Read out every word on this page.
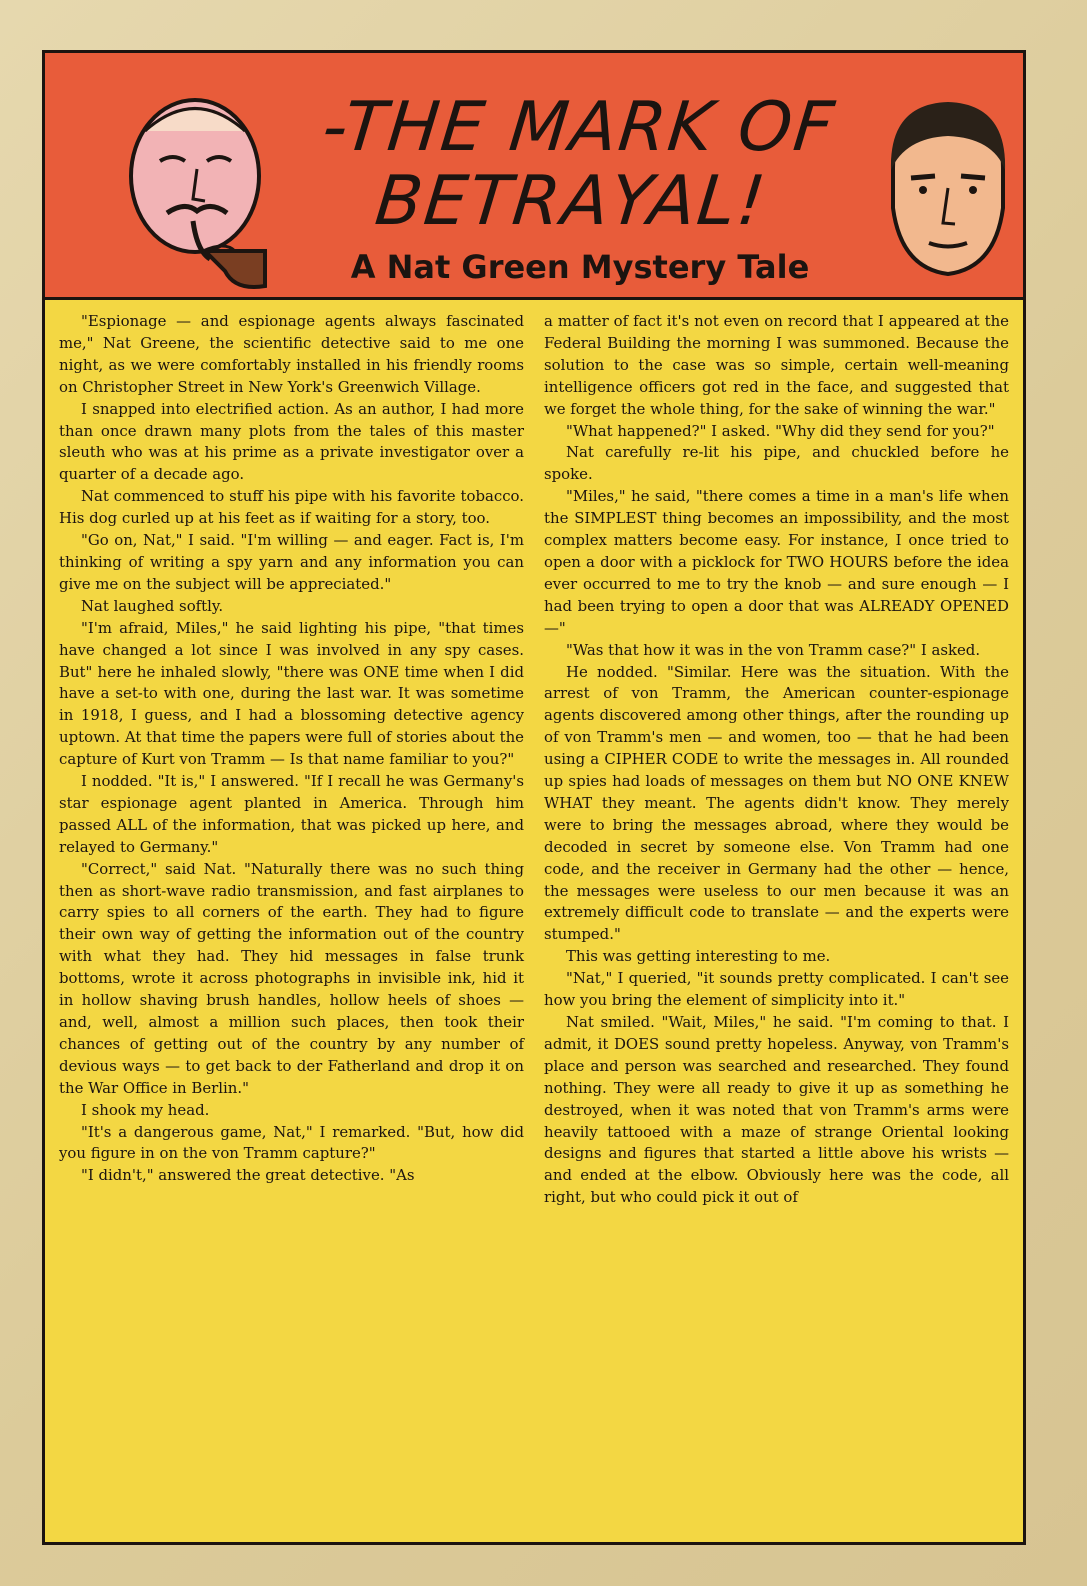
-THE MARK OF
BETRAYAL!
A Nat Green Mystery Tale

"Espionage — and espionage agents always fascinated me," Nat Greene, the scientific detective said to me one night, as we were comfortably installed in his friendly rooms on Christopher Street in New York's Greenwich Village.

I snapped into electrified action. As an author, I had more than once drawn many plots from the tales of this master sleuth who was at his prime as a private investigator over a quarter of a decade ago.

Nat commenced to stuff his pipe with his favorite tobacco. His dog curled up at his feet as if waiting for a story, too.

"Go on, Nat," I said. "I'm willing — and eager. Fact is, I'm thinking of writing a spy yarn and any information you can give me on the subject will be appreciated."

Nat laughed softly.

"I'm afraid, Miles," he said lighting his pipe, "that times have changed a lot since I was involved in any spy cases. But" here he inhaled slowly, "there was ONE time when I did have a set-to with one, during the last war. It was sometime in 1918, I guess, and I had a blossoming detective agency uptown. At that time the papers were full of stories about the capture of Kurt von Tramm — Is that name familiar to you?"

I nodded. "It is," I answered. "If I recall he was Germany's star espionage agent planted in America. Through him passed ALL of the information, that was picked up here, and relayed to Germany."

"Correct," said Nat. "Naturally there was no such thing then as short-wave radio transmission, and fast airplanes to carry spies to all corners of the earth. They had to figure their own way of getting the information out of the country with what they had. They hid messages in false trunk bottoms, wrote it across photographs in invisible ink, hid it in hollow shaving brush handles, hollow heels of shoes —and, well, almost a million such places, then took their chances of getting out of the country by any number of devious ways — to get back to der Fatherland and drop it on the War Office in Berlin."

I shook my head.

"It's a dangerous game, Nat," I remarked. "But, how did you figure in on the von Tramm capture?"

"I didn't," answered the great detective. "As

a matter of fact it's not even on record that I appeared at the Federal Building the morning I was summoned. Because the solution to the case was so simple, certain well-meaning intelligence officers got red in the face, and suggested that we forget the whole thing, for the sake of winning the war."

"What happened?" I asked. "Why did they send for you?"

Nat carefully re-lit his pipe, and chuckled before he spoke.

"Miles," he said, "there comes a time in a man's life when the SIMPLEST thing becomes an impossibility, and the most complex matters become easy. For instance, I once tried to open a door with a picklock for TWO HOURS before the idea ever occurred to me to try the knob — and sure enough — I had been trying to open a door that was ALREADY OPENED —"

"Was that how it was in the von Tramm case?" I asked.

He nodded. "Similar. Here was the situation. With the arrest of von Tramm, the American counter-espionage agents discovered among other things, after the rounding up of von Tramm's men — and women, too — that he had been using a CIPHER CODE to write the messages in. All rounded up spies had loads of messages on them but NO ONE KNEW WHAT they meant. The agents didn't know. They merely were to bring the messages abroad, where they would be decoded in secret by someone else. Von Tramm had one code, and the receiver in Germany had the other — hence, the messages were useless to our men because it was an extremely difficult code to translate — and the experts were stumped."

This was getting interesting to me.

"Nat," I queried, "it sounds pretty complicated. I can't see how you bring the element of simplicity into it."

Nat smiled. "Wait, Miles," he said. "I'm coming to that. I admit, it DOES sound pretty hopeless. Anyway, von Tramm's place and person was searched and researched. They found nothing. They were all ready to give it up as something he destroyed, when it was noted that von Tramm's arms were heavily tattooed with a maze of strange Oriental looking designs and figures that started a little above his wrists — and ended at the elbow. Obviously here was the code, all right, but who could pick it out of
